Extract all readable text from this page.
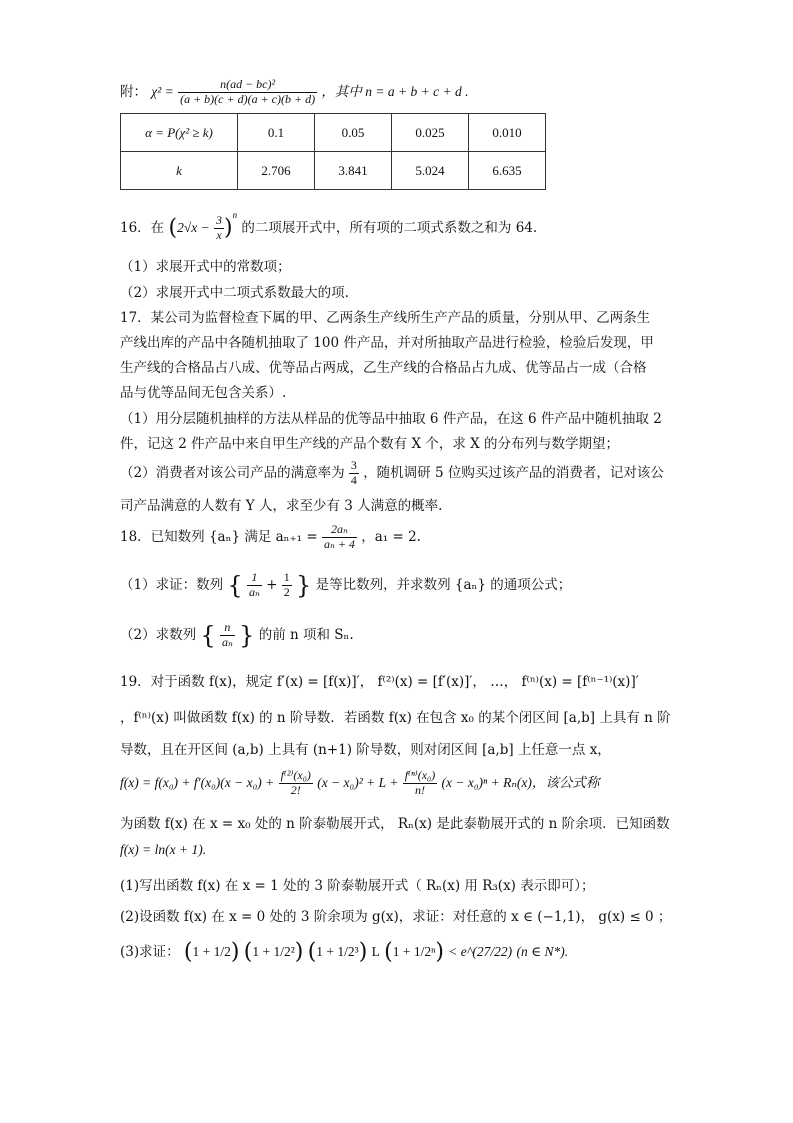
附： $\chi^2 = \frac{\text{n(ad − bc)²}}{(a + b)(c + d)(a + c)(b + d)}$ ，其中 n = a + b + c + d .
α = P(χ² ≥ k)	0.1	0.05	0.025	0.010
k	2.706	3.841	5.024	6.635
16．在 $(2√x - \frac{3}{x} )^n$ 的二项展开式中，所有项的二项式系数之和为 64.
（1）求展开式中的常数项；
（2）求展开式中二项式系数最大的项.
17．某公司为监督检查下属的甲、乙两条生产线所生产产品的质量，分别从甲、乙两条生
产线出库的产品中各随机抽取了 100 件产品，并对所抽取产品进行检验，检验后发现，甲
生产线的合格品占八成、优等品占两成，乙生产线的合格品占九成、优等品占一成（合格
品与优等品间无包含关系）.
（1）用分层随机抽样的方法从样品的优等品中抽取 6 件产品，在这 6 件产品中随机抽取 2
件，记这 2 件产品中来自甲生产线的产品个数有 X 个，求 X 的分布列与数学期望；
（2）消费者对该公司产品的满意率为 $\frac{3}{4}$ ，随机调研 5 位购买过该产品的消费者，记对该公
司产品满意的人数有 Y 人，求至少有 3 人满意的概率.
18．已知数列 {aₙ} 满足 $a_{n+1} = \frac{\text{2aₙ}}{\text{aₙ + 4}}$ ，a₁ = 2.
（1）求证：数列 { $\frac{1}{\text{aₙ}} + \frac{1}{2}$ } 是等比数列，并求数列 {aₙ} 的通项公式；
（2）求数列 { $\frac{n}{\text{aₙ}}$ } 的前 n 项和 Sₙ.
19．对于函数 f(x)，规定 f′(x) = [f(x)]′， f⁽²⁾(x) = [f′(x)]′， …， f⁽ⁿ⁾(x) = [f⁽ⁿ⁻¹⁾(x)]′
，f⁽ⁿ⁾(x) 叫做函数 f(x) 的 n 阶导数．若函数 f(x) 在包含 x₀ 的某个闭区间 [a,b] 上具有 n 阶
导数，且在开区间 (a,b) 上具有 (n+1) 阶导数，则对闭区间 [a,b] 上任意一点 x，
$f(x) = f(x_0) + f'(x_0)(x - x_0) + \frac{\text{f⁽²⁾(x₀)}}{2!} (x - x_0)^2 + L + \frac{\text{f⁽ⁿ⁾(x₀)}}{n!} (x - x_0)^n + R_n(x)$，该公式称
为函数 f(x) 在 x = x₀ 处的 n 阶泰勒展开式， Rₙ(x) 是此泰勒展开式的 n 阶余项．已知函数
f(x) = ln(x + 1).
(1)写出函数 f(x) 在 x = 1 处的 3 阶泰勒展开式（ Rₙ(x) 用 R₃(x) 表示即可）；
(2)设函数 f(x) 在 x = 0 处的 3 阶余项为 g(x)，求证：对任意的 x ∈ (−1,1)， g(x) ≤ 0 ；
(3)求证： (1 + 1/2) (1 + 1/2²) (1 + 1/2³) L (1 + 1/2ⁿ) < e^(27/22) (n ∈ N*).
